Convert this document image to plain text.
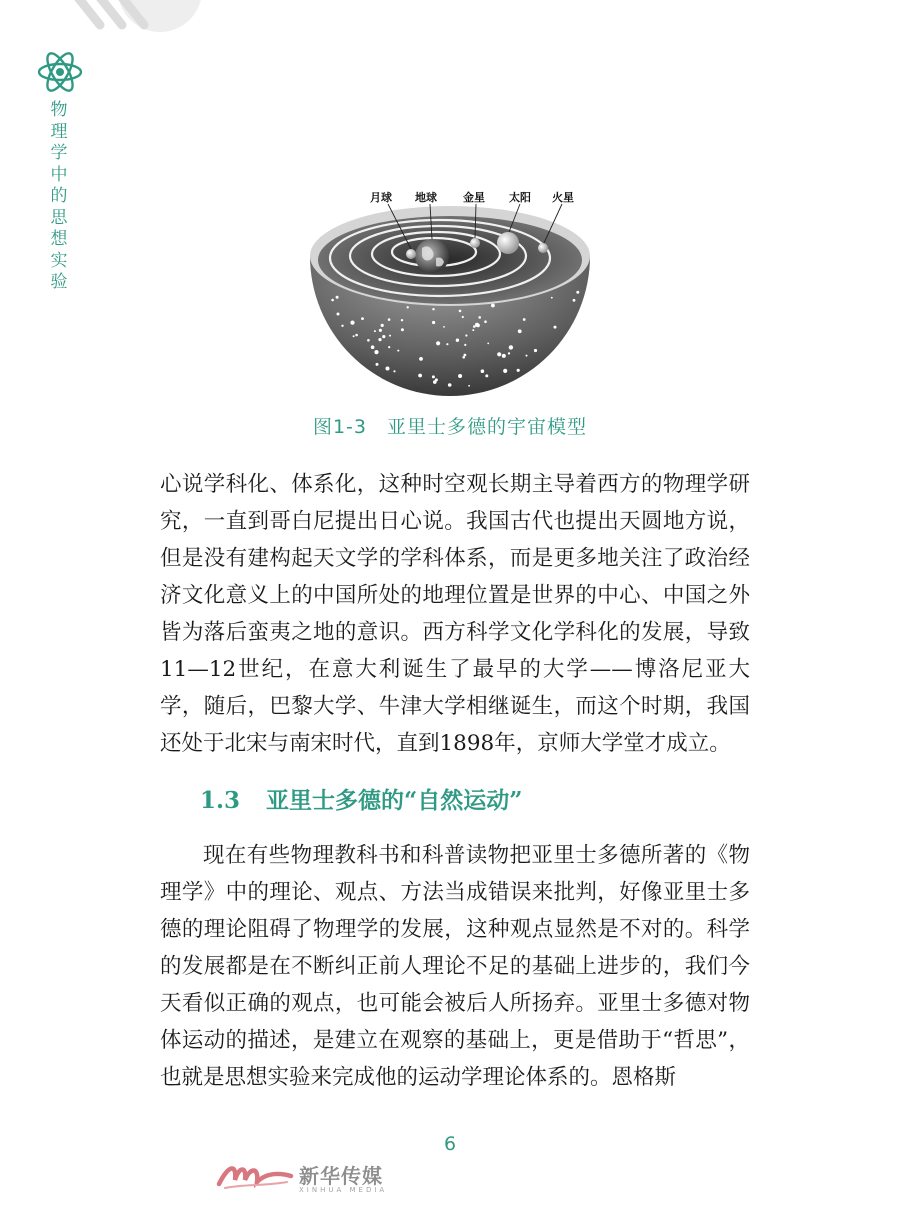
物理学中的思想实验
月球 地球 金星 太阳 火星
图1-3 亚里士多德的宇宙模型

心说学科化、体系化，这种时空观长期主导着西方的物理学研究，一直到哥白尼提出日心说。我国古代也提出天圆地方说，但是没有建构起天文学的学科体系，而是更多地关注了政治经济文化意义上的中国所处的地理位置是世界的中心、中国之外皆为落后蛮夷之地的意识。西方科学文化学科化的发展，导致11—12世纪，在意大利诞生了最早的大学——博洛尼亚大学，随后，巴黎大学、牛津大学相继诞生，而这个时期，我国还处于北宋与南宋时代，直到1898年，京师大学堂才成立。

1.3 亚里士多德的“自然运动”

现在有些物理教科书和科普读物把亚里士多德所著的《物理学》中的理论、观点、方法当成错误来批判，好像亚里士多德的理论阻碍了物理学的发展，这种观点显然是不对的。科学的发展都是在不断纠正前人理论不足的基础上进步的，我们今天看似正确的观点，也可能会被后人所扬弃。亚里士多德对物体运动的描述，是建立在观察的基础上，更是借助于“哲思”，也就是思想实验来完成他的运动学理论体系的。恩格斯

6
新华传媒
XINHUA MEDIA
